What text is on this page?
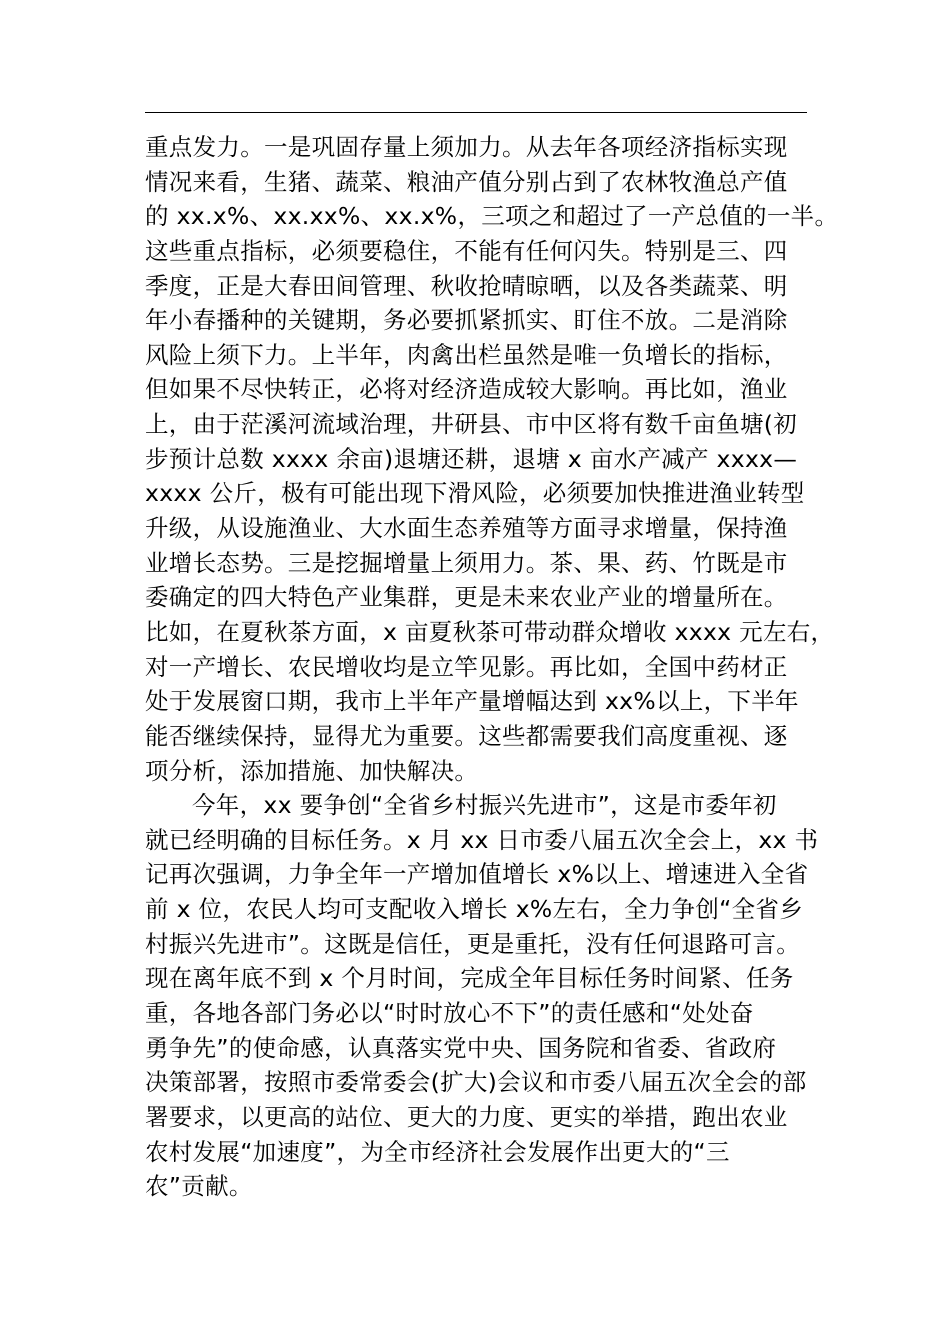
重点发力。一是巩固存量上须加力。从去年各项经济指标实现
情况来看，生猪、蔬菜、粮油产值分别占到了农林牧渔总产值
的 xx.x%、xx.xx%、xx.x%，三项之和超过了一产总值的一半。
这些重点指标，必须要稳住，不能有任何闪失。特别是三、四
季度，正是大春田间管理、秋收抢晴晾晒，以及各类蔬菜、明
年小春播种的关键期，务必要抓紧抓实、盯住不放。二是消除
风险上须下力。上半年，肉禽出栏虽然是唯一负增长的指标，
但如果不尽快转正，必将对经济造成较大影响。再比如，渔业
上，由于茫溪河流域治理，井研县、市中区将有数千亩鱼塘(初
步预计总数 xxxx 余亩)退塘还耕，退塘 x 亩水产减产 xxxx—
xxxx 公斤，极有可能出现下滑风险，必须要加快推进渔业转型
升级，从设施渔业、大水面生态养殖等方面寻求增量，保持渔
业增长态势。三是挖掘增量上须用力。茶、果、药、竹既是市
委确定的四大特色产业集群，更是未来农业产业的增量所在。
比如，在夏秋茶方面，x 亩夏秋茶可带动群众增收 xxxx 元左右，
对一产增长、农民增收均是立竿见影。再比如，全国中药材正
处于发展窗口期，我市上半年产量增幅达到 xx%以上，下半年
能否继续保持，显得尤为重要。这些都需要我们高度重视、逐
项分析，添加措施、加快解决。
今年，xx 要争创“全省乡村振兴先进市”，这是市委年初
就已经明确的目标任务。x 月 xx 日市委八届五次全会上，xx 书
记再次强调，力争全年一产增加值增长 x%以上、增速进入全省
前 x 位，农民人均可支配收入增长 x%左右，全力争创“全省乡
村振兴先进市”。这既是信任，更是重托，没有任何退路可言。
现在离年底不到 x 个月时间，完成全年目标任务时间紧、任务
重，各地各部门务必以“时时放心不下”的责任感和“处处奋
勇争先”的使命感，认真落实党中央、国务院和省委、省政府
决策部署，按照市委常委会(扩大)会议和市委八届五次全会的部
署要求，以更高的站位、更大的力度、更实的举措，跑出农业
农村发展“加速度”，为全市经济社会发展作出更大的“三
农”贡献。
